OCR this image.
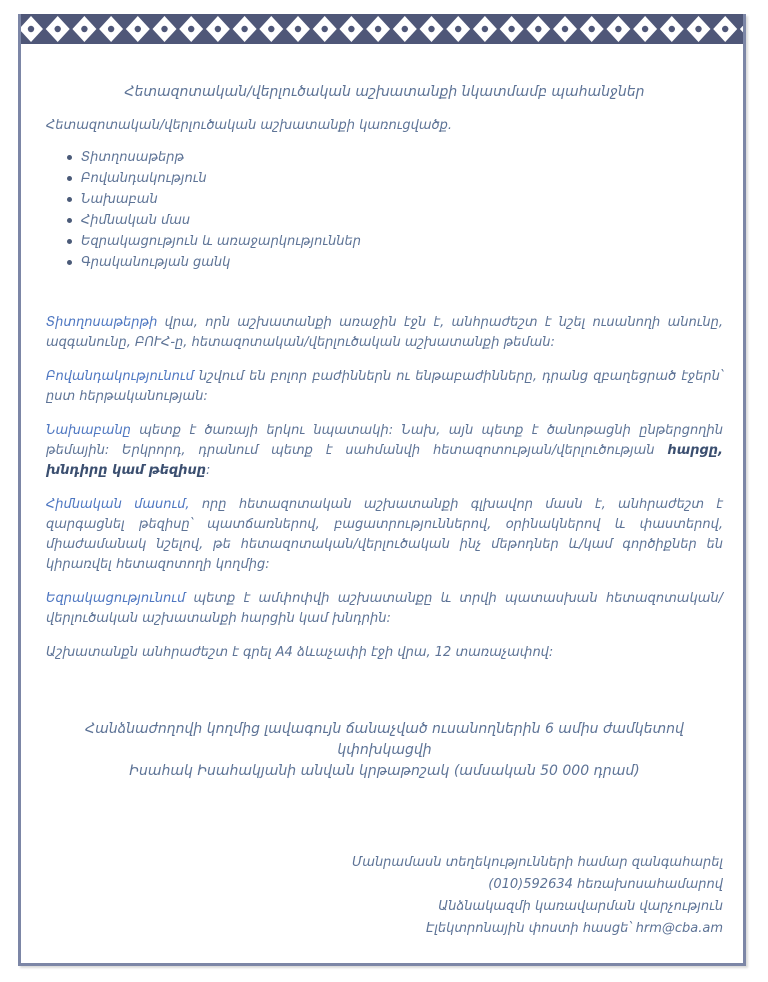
Հետազոտական/վերլուծական աշխատանքի նկատմամբ պահանջներ

Հետազոտական/վերլուծական աշխատանքի կառուցվածք.

Տիտղոսաթերթ
Բովանդակություն
Նախաբան
Հիմնական մաս
Եզրակացություն և առաջարկություններ
Գրականության ցանկ

Տիտղոսաթերթի վրա, որն աշխատանքի առաջին էջն է, անհրաժեշտ է նշել ուսանողի անունը, ազգանունը, ԲՈՒՀ-ը, հետազոտական/վերլուծական աշխատանքի թեման:

Բովանդակությունում նշվում են բոլոր բաժիններն ու ենթաբաժինները, դրանց զբաղեցրած էջերն՝ ըստ հերթականության:

Նախաբանը պետք է ծառայի երկու նպատակի: Նախ, այն պետք է ծանոթացնի ընթերցողին թեմային: Երկրորդ, դրանում պետք է սահմանվի հետազոտության/վերլուծության հարցը, խնդիրը կամ թեզիսը:

Հիմնական մասում, որը հետազոտական աշխատանքի գլխավոր մասն է, անհրաժեշտ է զարգացնել թեզիսը՝ պատճառներով, բացատրություններով, օրինակներով և փաստերով, միաժամանակ նշելով, թե հետազոտական/վերլուծական ինչ մեթոդներ և/կամ գործիքներ են կիրառվել հետազոտողի կողմից:

Եզրակացությունում պետք է ամփոփվի աշխատանքը և տրվի պատասխան հետազոտական/վերլուծական աշխատանքի հարցին կամ խնդրին:

Աշխատանքն անհրաժեշտ է գրել A4 ձևաչափի էջի վրա, 12 տառաչափով:

Հանձնաժողովի կողմից լավագույն ճանաչված ուսանողներին 6 ամիս ժամկետով կփոխկացվի
Իսահակ Իսահակյանի անվան կրթաթոշակ (ամսական 50 000 դրամ)
Մանրամասն տեղեկությունների համար զանգահարել
(010)592634 հեռախոսահամարով
Անձնակազմի կառավարման վարչություն
Էլեկտրոնային փոստի հասցե՝ hrm@cba.am
